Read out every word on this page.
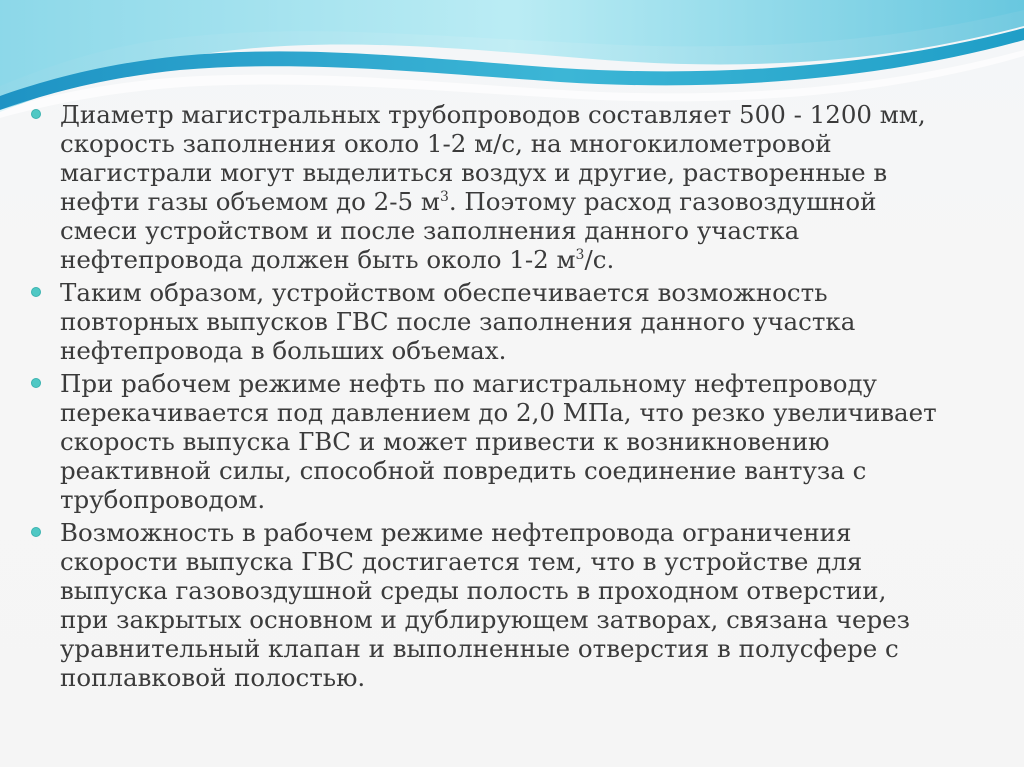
Диаметр магистральных трубопроводов составляет 500 - 1200 мм,
скорость заполнения около 1-2 м/с, на многокилометровой
магистрали могут выделиться воздух и другие, растворенные в
нефти газы объемом до 2-5 $м^3$. Поэтому расход газовоздушной
смеси устройством и после заполнения данного участка
нефтепровода должен быть около 1-2 $м^3/с$.
Таким образом, устройством обеспечивается возможность
повторных выпусков ГВС после заполнения данного участка
нефтепровода в больших объемах.
При рабочем режиме нефть по магистральному нефтепроводу
перекачивается под давлением до 2,0 МПа, что резко увеличивает
скорость выпуска ГВС и может привести к возникновению
реактивной силы, способной повредить соединение вантуза с
трубопроводом.
Возможность в рабочем режиме нефтепровода ограничения
скорости выпуска ГВС достигается тем, что в устройстве для
выпуска газовоздушной среды полость в проходном отверстии,
при закрытых основном и дублирующем затворах, связана через
уравнительный клапан и выполненные отверстия в полусфере с
поплавковой полостью.
